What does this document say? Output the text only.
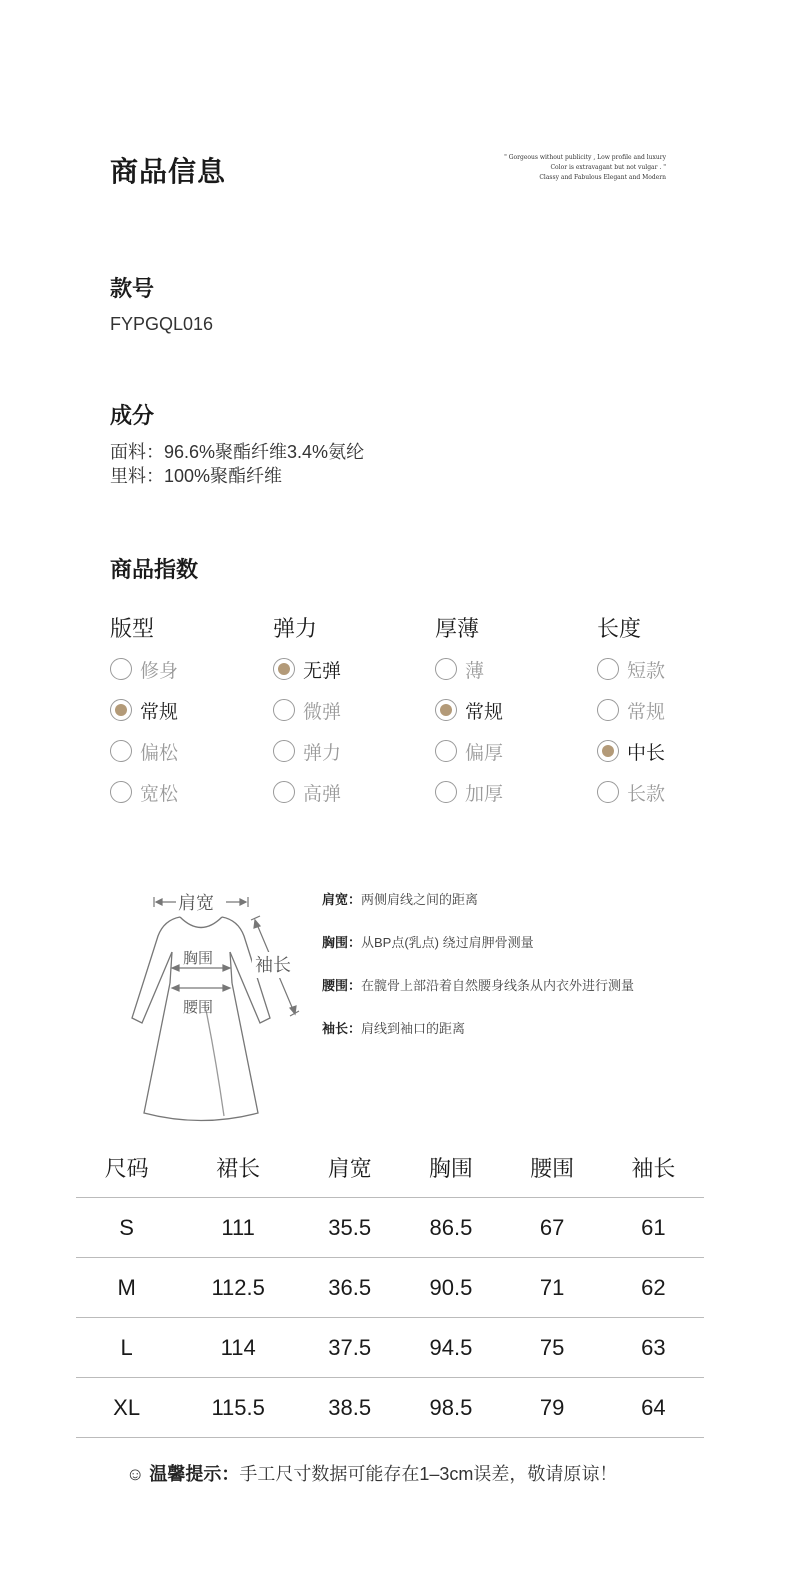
商品信息	" Gorgeous without publicity , Low profile and luxury
Color is extravagant but not vulgar . "
Classy and Fabulous Elegant and Modern
款号
FYPGQL016
成分
面料：96.6%聚酯纤维3.4%氨纶
里料：100%聚酯纤维
商品指数
版型
修身
常规
偏松
宽松
弹力
无弹
微弹
弹力
高弹
厚薄
薄
常规
偏厚
加厚
长度
短款
常规
中长
长款
肩宽
胸围
腰围
袖长
肩宽：两侧肩线之间的距离
胸围：从BP点(乳点) 绕过肩胛骨测量
腰围：在髋骨上部沿着自然腰身线条从内衣外进行测量
袖长：肩线到袖口的距离
尺码	裙长	肩宽	胸围	腰围	袖长
S	111	35.5	86.5	67	61
M	112.5	36.5	90.5	71	62
L	114	37.5	94.5	75	63
XL	115.5	38.5	98.5	79	64
☺ 温馨提示：手工尺寸数据可能存在1–3cm误差，敬请原谅！
